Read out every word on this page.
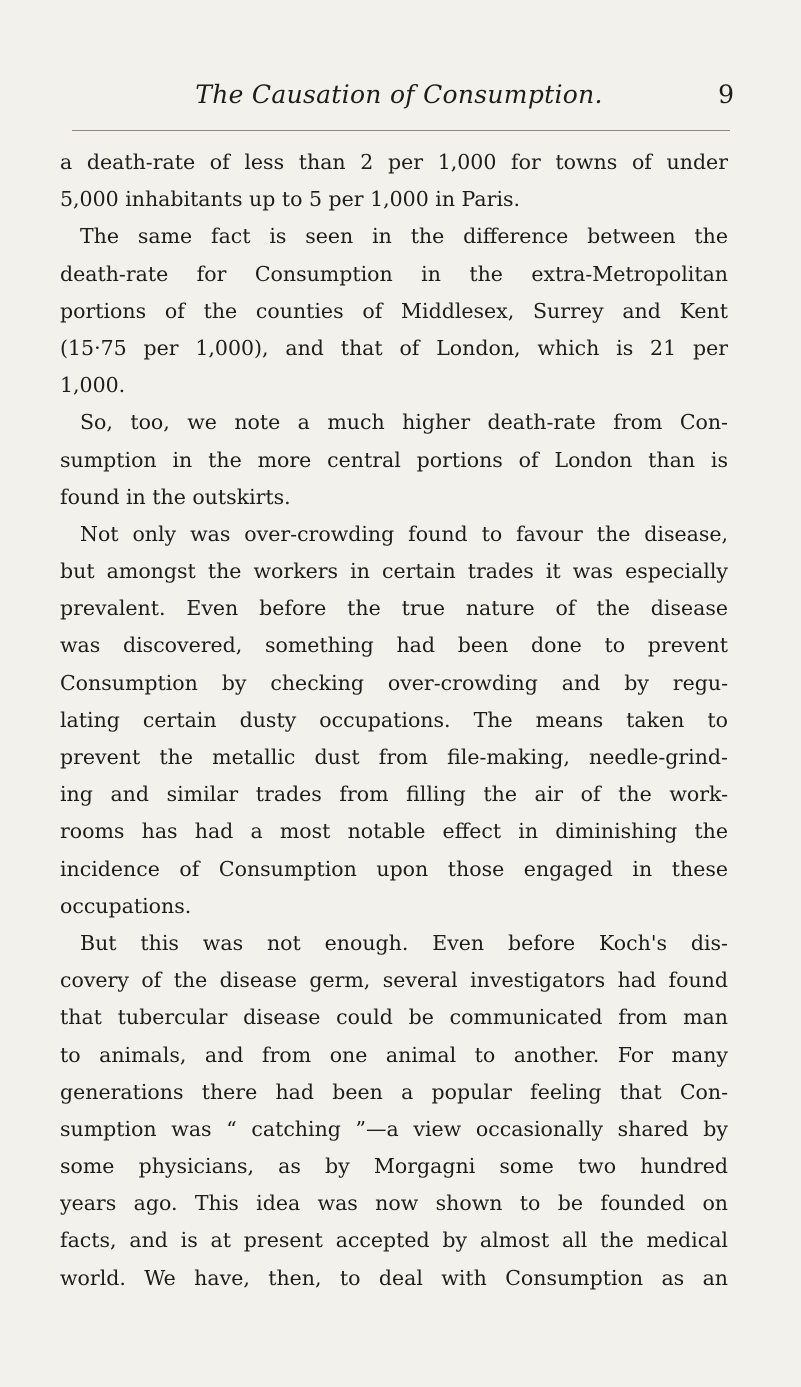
The Causation of Consumption.	9
a death-rate of less than 2 per 1,000 for towns of under
5,000 inhabitants up to 5 per 1,000 in Paris.
The same fact is seen in the difference between the
death-rate for Consumption in the extra-Metropolitan
portions of the counties of Middlesex, Surrey and Kent
(15·75 per 1,000), and that of London, which is 21 per
1,000.
So, too, we note a much higher death-rate from Con-
sumption in the more central portions of London than is
found in the outskirts.
Not only was over-crowding found to favour the disease,
but amongst the workers in certain trades it was especially
prevalent. Even before the true nature of the disease
was discovered, something had been done to prevent
Consumption by checking over-crowding and by regu-
lating certain dusty occupations. The means taken to
prevent the metallic dust from file-making, needle-grind-
ing and similar trades from filling the air of the work-
rooms has had a most notable effect in diminishing the
incidence of Consumption upon those engaged in these
occupations.
But this was not enough. Even before Koch's dis-
covery of the disease germ, several investigators had found
that tubercular disease could be communicated from man
to animals, and from one animal to another. For many
generations there had been a popular feeling that Con-
sumption was “ catching ”—a view occasionally shared by
some physicians, as by Morgagni some two hundred
years ago. This idea was now shown to be founded on
facts, and is at present accepted by almost all the medical
world. We have, then, to deal with Consumption as an
